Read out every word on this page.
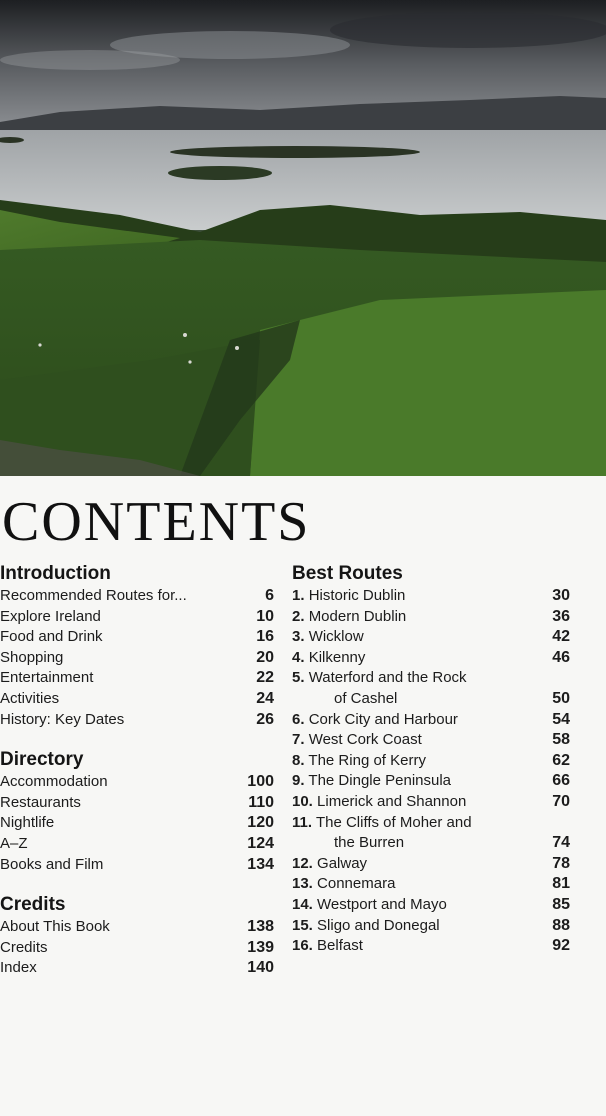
CONTENTS
Introduction
Recommended Routes for...	6
Explore Ireland	10
Food and Drink	16
Shopping	20
Entertainment	22
Activities	24
History: Key Dates	26
Directory
Accommodation	100
Restaurants	110
Nightlife	120
A–Z	124
Books and Film	134
Credits
About This Book	138
Credits	139
Index	140
Best Routes
1. Historic Dublin	30
2. Modern Dublin	36
3. Wicklow	42
4. Kilkenny	46
5. Waterford and the Rock
of Cashel	50
6. Cork City and Harbour	54
7. West Cork Coast	58
8. The Ring of Kerry	62
9. The Dingle Peninsula	66
10. Limerick and Shannon	70
11. The Cliffs of Moher and
the Burren	74
12. Galway	78
13. Connemara	81
14. Westport and Mayo	85
15. Sligo and Donegal	88
16. Belfast	92
